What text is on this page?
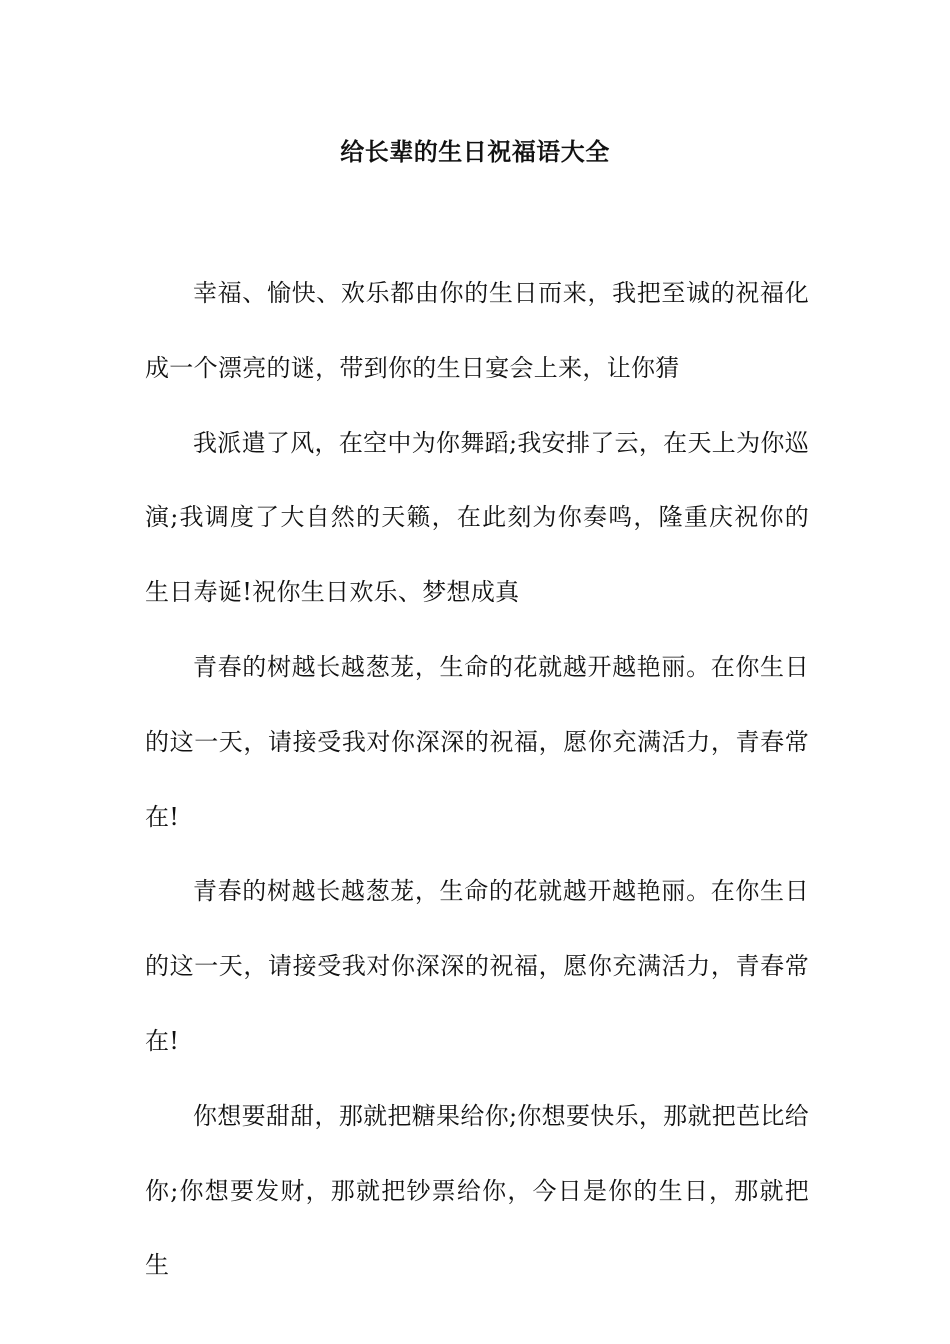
给长辈的生日祝福语大全

幸福、愉快、欢乐都由你的生日而来，我把至诚的祝福化成一个漂亮的谜，带到你的生日宴会上来，让你猜

我派遣了风，在空中为你舞蹈;我安排了云，在天上为你巡演;我调度了大自然的天籁，在此刻为你奏鸣，隆重庆祝你的生日寿诞!祝你生日欢乐、梦想成真

青春的树越长越葱茏，生命的花就越开越艳丽。在你生日的这一天，请接受我对你深深的祝福，愿你充满活力，青春常在!

青春的树越长越葱茏，生命的花就越开越艳丽。在你生日的这一天，请接受我对你深深的祝福，愿你充满活力，青春常在!

你想要甜甜，那就把糖果给你;你想要快乐，那就把芭比给你;你想要发财，那就把钞票给你，今日是你的生日，那就把生
